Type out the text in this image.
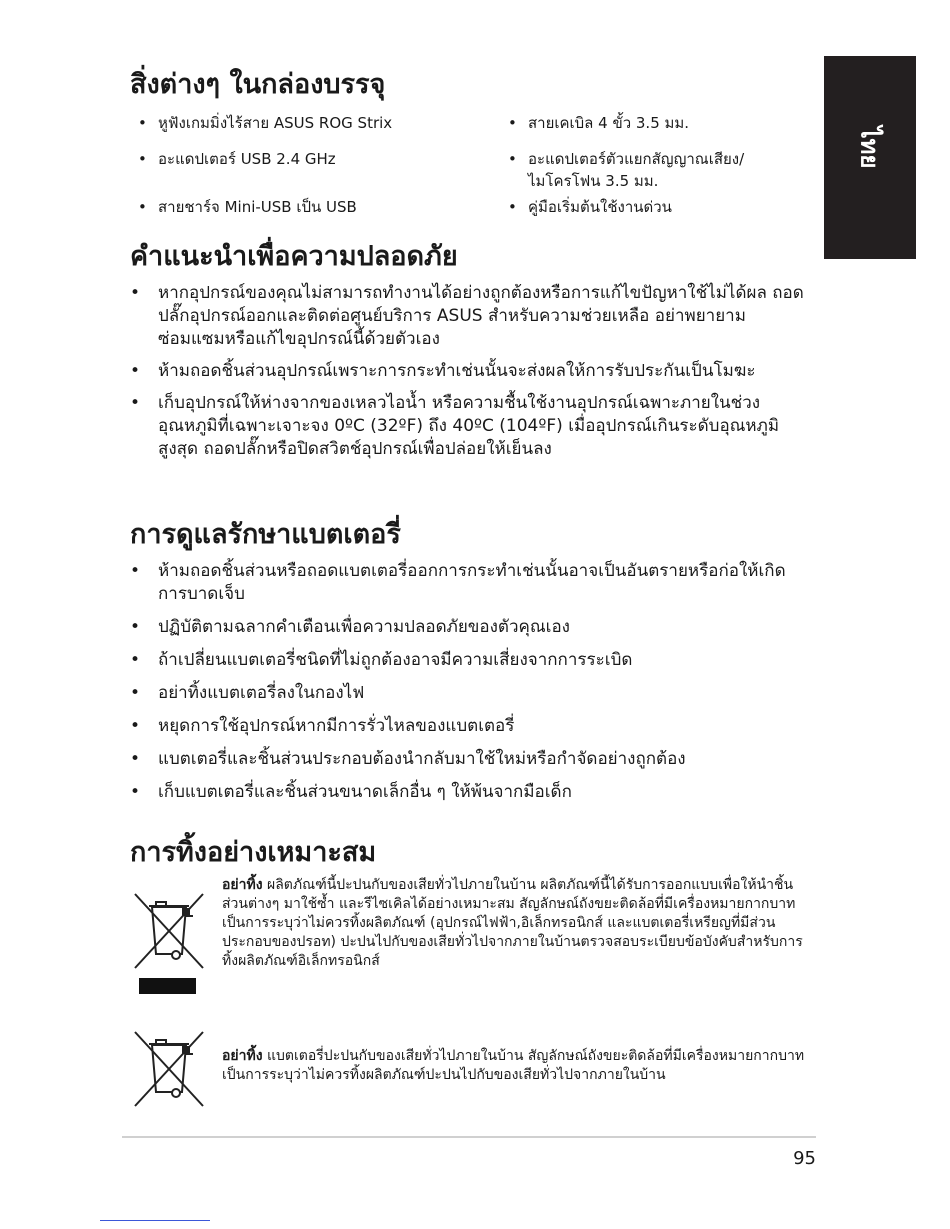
ไทย
สิ่งต่างๆ ในกล่องบรรจุ
• หูฟังเกมมิ่งไร้สาย ASUS ROG Strix	• สายเคเบิล 4 ขั้ว 3.5 มม.
• อะแดปเตอร์ USB 2.4 GHz	• อะแดปเตอร์ตัวแยกสัญญาณเสียง/ไมโครโฟน 3.5 มม.
• สายชาร์จ Mini-USB เป็น USB	• คู่มือเริ่มต้นใช้งานด่วน
คำแนะนำเพื่อความปลอดภัย
• หากอุปกรณ์ของคุณไม่สามารถทำงานได้อย่างถูกต้องหรือการแก้ไขปัญหาใช้ไม่ได้ผล ถอดปลั๊กอุปกรณ์ออกและติดต่อศูนย์บริการ ASUS สำหรับความช่วยเหลือ อย่าพยายามซ่อมแซมหรือแก้ไขอุปกรณ์นี้ด้วยตัวเอง
• ห้ามถอดชิ้นส่วนอุปกรณ์เพราะการกระทำเช่นนั้นจะส่งผลให้การรับประกันเป็นโมฆะ
• เก็บอุปกรณ์ให้ห่างจากของเหลวไอน้ำ หรือความชื้นใช้งานอุปกรณ์เฉพาะภายในช่วงอุณหภูมิที่เฉพาะเจาะจง 0ºC (32ºF) ถึง 40ºC (104ºF) เมื่ออุปกรณ์เกินระดับอุณหภูมิสูงสุด ถอดปลั๊กหรือปิดสวิตช์อุปกรณ์เพื่อปล่อยให้เย็นลง
การดูแลรักษาแบตเตอรี่
• ห้ามถอดชิ้นส่วนหรือถอดแบตเตอรี่ออกการกระทำเช่นนั้นอาจเป็นอันตรายหรือก่อให้เกิดการบาดเจ็บ
• ปฏิบัติตามฉลากคำเตือนเพื่อความปลอดภัยของตัวคุณเอง
• ถ้าเปลี่ยนแบตเตอรี่ชนิดที่ไม่ถูกต้องอาจมีความเสี่ยงจากการระเบิด
• อย่าทิ้งแบตเตอรี่ลงในกองไฟ
• หยุดการใช้อุปกรณ์หากมีการรั่วไหลของแบตเตอรี่
• แบตเตอรี่และชิ้นส่วนประกอบต้องนำกลับมาใช้ใหม่หรือกำจัดอย่างถูกต้อง
• เก็บแบตเตอรี่และชิ้นส่วนขนาดเล็กอื่น ๆ ให้พ้นจากมือเด็ก
การทิ้งอย่างเหมาะสม
อย่าทิ้ง ผลิตภัณฑ์นี้ปะปนกับของเสียทั่วไปภายในบ้าน ผลิตภัณฑ์นี้ได้รับการออกแบบเพื่อให้นำชิ้นส่วนต่างๆ มาใช้ซ้ำ และรีไซเคิลได้อย่างเหมาะสม สัญลักษณ์ถังขยะติดล้อที่มีเครื่องหมายกากบาท เป็นการระบุว่าไม่ควรทิ้งผลิตภัณฑ์ (อุปกรณ์ไฟฟ้า,อิเล็กทรอนิกส์ และแบตเตอรี่เหรียญที่มีส่วนประกอบของปรอท) ปะปนไปกับของเสียทั่วไปจากภายในบ้านตรวจสอบระเบียบข้อบังคับสำหรับการทิ้งผลิตภัณฑ์อิเล็กทรอนิกส์
อย่าทิ้ง แบตเตอรี่ปะปนกับของเสียทั่วไปภายในบ้าน สัญลักษณ์ถังขยะติดล้อที่มีเครื่องหมายกากบาท เป็นการระบุว่าไม่ควรทิ้งผลิตภัณฑ์ปะปนไปกับของเสียทั่วไปจากภายในบ้าน
95
